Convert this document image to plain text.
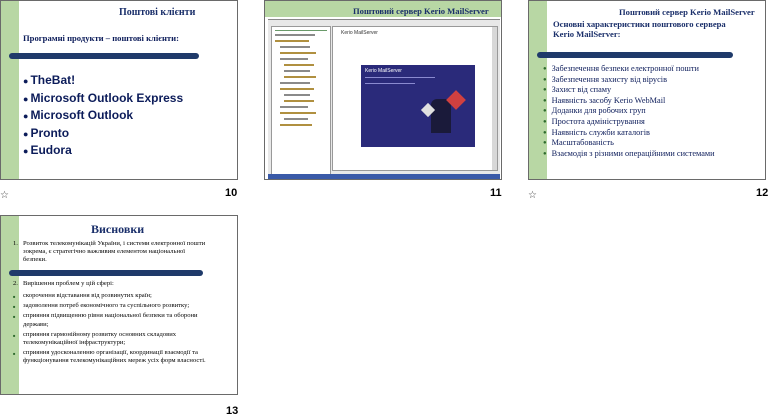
Поштові клієнти
Програмні продукти – поштові клієнти:
● TheBat!
● Microsoft Outlook Express
● Microsoft Outlook
● Pronto
● Eudora
☆	10
Поштовий сервер Kerio MailServer
Kerio MailServer
Kerio MailServer
11
Поштовий сервер Kerio MailServer
Основні характеристики поштового сервера Kerio MailServer:
● Забезпечення безпеки електронної пошти
● Забезпечення захисту від вірусів
● Захист від спаму
● Наявність засобу Kerio WebMail
● Доданки для робочих груп
● Простота адміністрування
● Наявність служби каталогів
● Масштабованість
● Взаємодія з різними операційними системами
☆	12
Висновки
1. Розвиток телекомунікацій України, і системи електронної пошти зокрема, є стратегічно важливим елементом національної безпеки.
2. Вирішення проблем у цій сфері:
■ скорочення відставання від розвинутих країн;
■ задоволення потреб економічного та суспільного розвитку;
■ сприяння підвищенню рівня національної безпеки та оборони держави;
■ сприяння гармонійному розвитку основних складових телекомунікаційної інфраструктури;
■ сприяння удосконаленню організації, координації взаємодії та функціонування телекомунікаційних мереж усіх форм власності.
13
